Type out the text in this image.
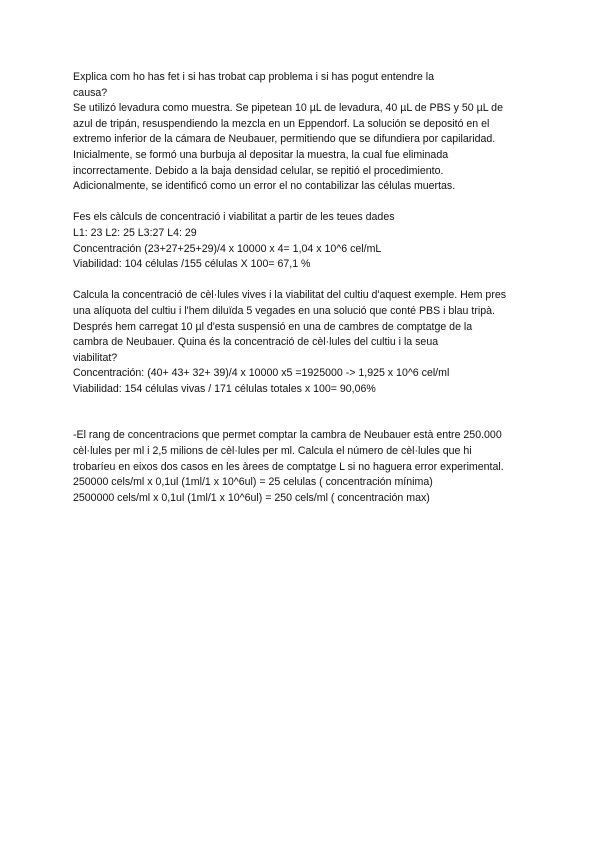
Explica com ho has fet i si has trobat cap problema i si has pogut entendre la
causa?
Se utilizó levadura como muestra. Se pipetean 10 µL de levadura, 40 µL de PBS y 50 µL de
azul de tripán, resuspendiendo la mezcla en un Eppendorf. La solución se depositó en el
extremo inferior de la cámara de Neubauer, permitiendo que se difundiera por capilaridad.
Inicialmente, se formó una burbuja al depositar la muestra, la cual fue eliminada
incorrectamente. Debido a la baja densidad celular, se repitió el procedimiento.
Adicionalmente, se identificó como un error el no contabilizar las células muertas.
Fes els càlculs de concentració i viabilitat a partir de les teues dades
L1: 23 L2: 25 L3:27 L4: 29
Concentración (23+27+25+29)/4 x 10000 x 4= 1,04 x 10^6 cel/mL
Viabilidad: 104 células /155 células X 100= 67,1 %
Calcula la concentració de cèl·lules vives i la viabilitat del cultiu d'aquest exemple. Hem pres
una alíquota del cultiu i l'hem diluïda 5 vegades en una solució que conté PBS i blau tripà.
Després hem carregat 10 µl d'esta suspensió en una de cambres de comptatge de la
cambra de Neubauer. Quina és la concentració de cèl·lules del cultiu i la seua
viabilitat?
Concentración: (40+ 43+ 32+ 39)/4 x 10000 x5 =1925000 -> 1,925 x 10^6 cel/ml
Viabilidad: 154 células vivas / 171 células totales x 100= 90,06%
-El rang de concentracions que permet comptar la cambra de Neubauer està entre 250.000
cèl·lules per ml i 2,5 milions de cèl·lules per ml. Calcula el número de cèl·lules que hi
trobaríeu en eixos dos casos en les àrees de comptatge L si no haguera error experimental.
250000 cels/ml x 0,1ul (1ml/1 x 10^6ul) = 25 celulas ( concentración mínima)
2500000 cels/ml x 0,1ul (1ml/1 x 10^6ul) = 250 cels/ml ( concentración max)
